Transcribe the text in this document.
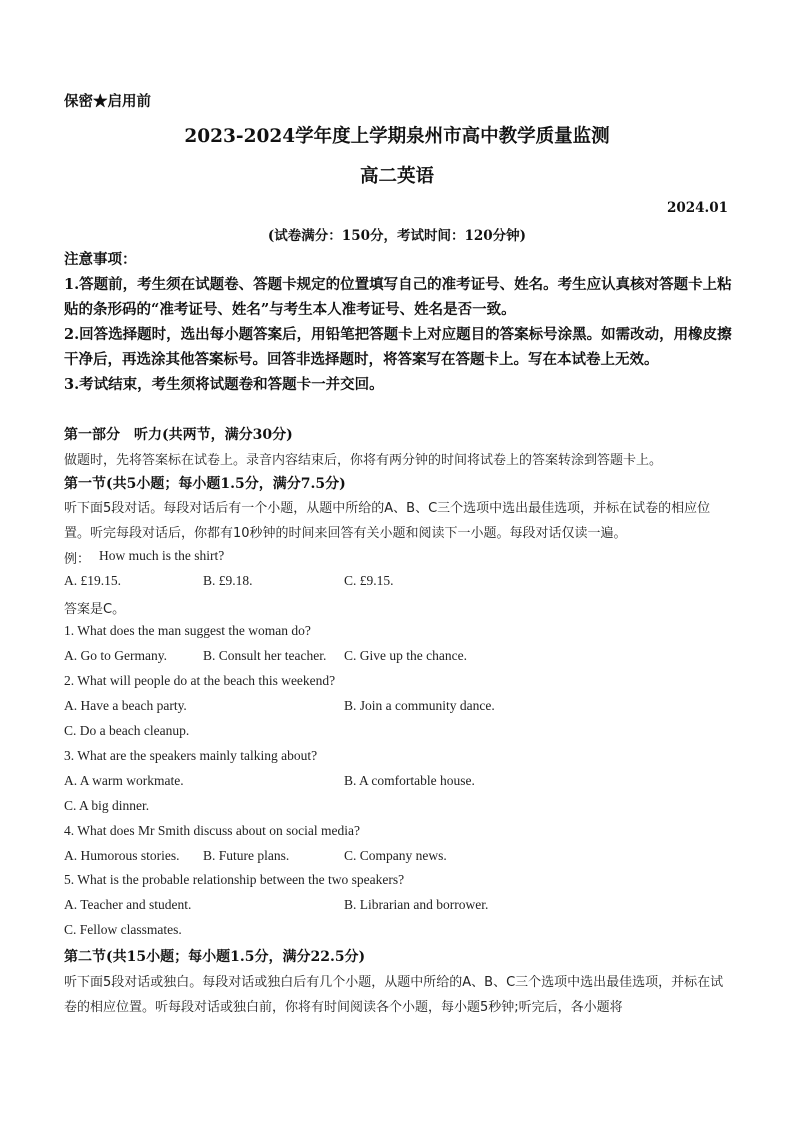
保密★启用前
2023-2024学年度上学期泉州市高中教学质量监测
高二英语
2024.01
(试卷满分：150分，考试时间：120分钟)

注意事项：

1.答题前，考生须在试题卷、答题卡规定的位置填写自己的准考证号、姓名。考生应认真核对答题卡上粘贴的条形码的“准考证号、姓名”与考生本人准考证号、姓名是否一致。

2.回答选择题时，选出每小题答案后，用铅笔把答题卡上对应题目的答案标号涂黑。如需改动，用橡皮擦干净后，再选涂其他答案标号。回答非选择题时，将答案写在答题卡上。写在本试卷上无效。

3.考试结束，考生须将试题卷和答题卡一并交回。

第一部分　听力(共两节，满分30分)
做题时，先将答案标在试卷上。录音内容结束后，你将有两分钟的时间将试卷上的答案转涂到答题卡上。
第一节(共5小题；每小题1.5分，满分7.5分)
听下面5段对话。每段对话后有一个小题，从题中所给的A、B、C三个选项中选出最佳选项，并标在试卷的相应位置。听完每段对话后，你都有10秒钟的时间来回答有关小题和阅读下一小题。每段对话仅读一遍。
例： How much is the shirt?
A. £19.15.	B. £9.18.	C. £9.15.
答案是C。
1. What does the man suggest the woman do?
A. Go to Germany.	B. Consult her teacher. C. Give up the chance.
2. What will people do at the beach this weekend?
A. Have a beach party.	B. Join a community dance.
C. Do a beach cleanup.
3. What are the speakers mainly talking about?
A. A warm workmate.	B. A comfortable house.
C. A big dinner.
4. What does Mr Smith discuss about on social media?
A. Humorous stories. B. Future plans.	C. Company news.
5. What is the probable relationship between the two speakers?
A. Teacher and student.	B. Librarian and borrower.
C. Fellow classmates.
第二节(共15小题；每小题1.5分，满分22.5分)
听下面5段对话或独白。每段对话或独白后有几个小题，从题中所给的A、B、C三个选项中选出最佳选项，并标在试卷的相应位置。听每段对话或独白前，你将有时间阅读各个小题，每小题5秒钟;听完后，各小题将
